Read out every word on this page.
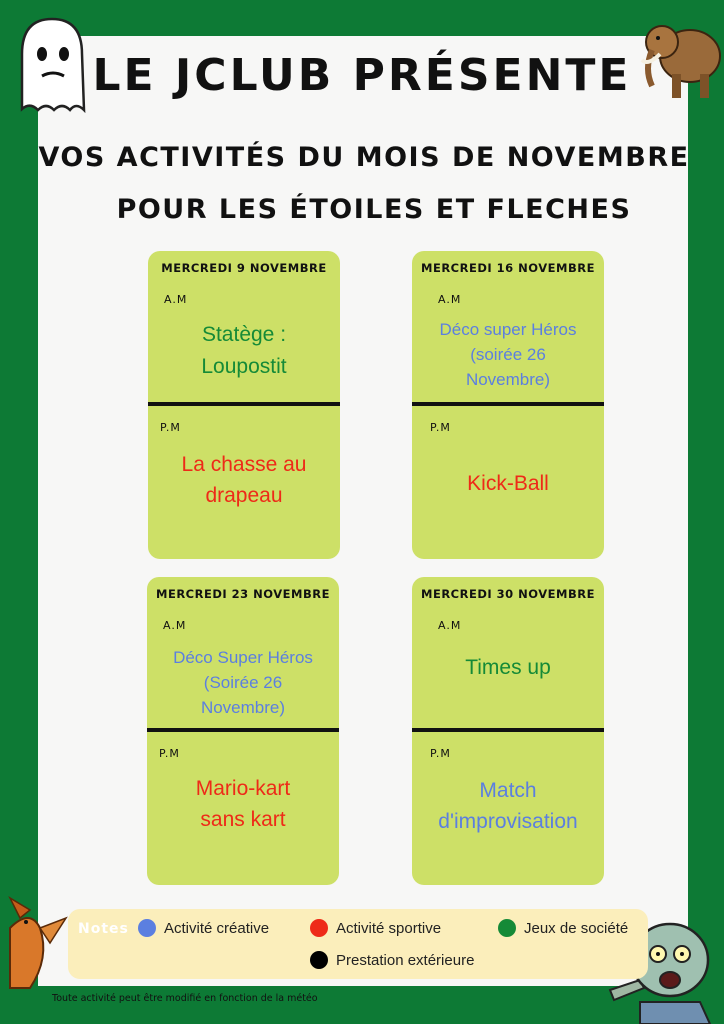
LE JCLUB PRÉSENTE
VOS ACTIVITÉS DU MOIS DE NOVEMBRE
POUR LES ÉTOILES ET FLECHES
MERCREDI 9 NOVEMBRE
A.M
Statège : Loupostit
P.M
La chasse au drapeau
MERCREDI 16 NOVEMBRE
A.M
Déco super Héros (soirée 26 Novembre)
P.M
Kick-Ball
MERCREDI 23 NOVEMBRE
A.M
Déco Super Héros (Soirée 26 Novembre)
P.M
Mario-kart sans kart
MERCREDI 30 NOVEMBRE
A.M
Times up
P.M
Match d'improvisation
Notes Activité créative	Activité sportive	Jeux de société
Prestation extérieure
Toute activité peut être modifié en fonction de la météo
